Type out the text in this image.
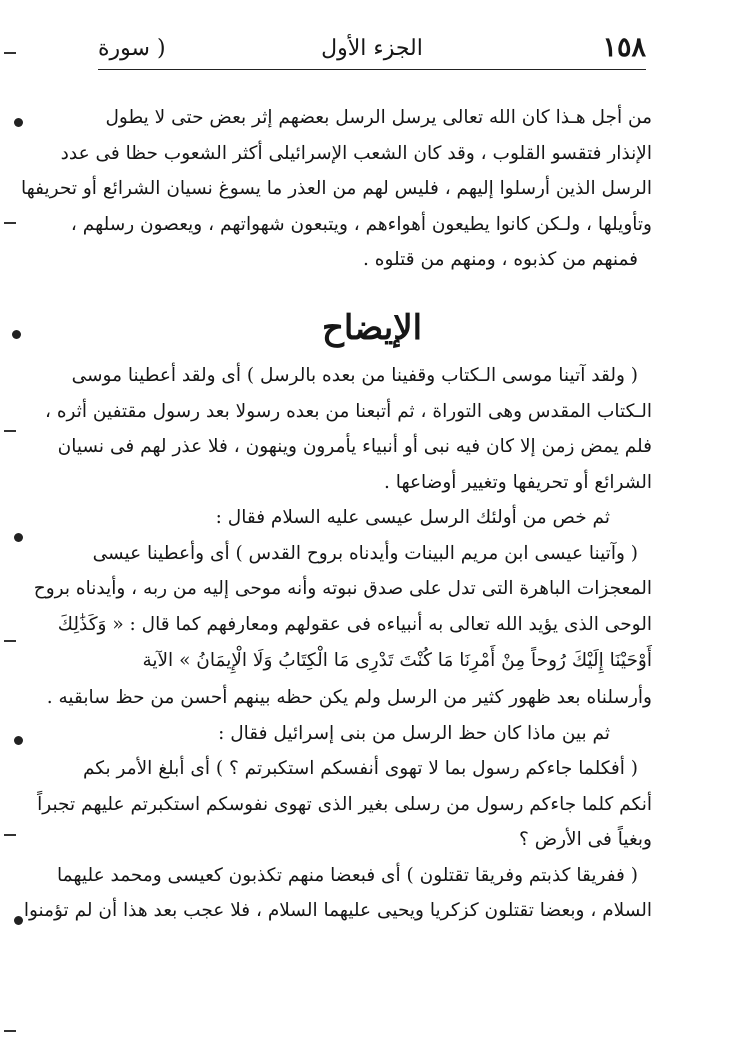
١٥٨
الجزء الأول
( سورة
من أجل هـذا كان الله تعالى يرسل الرسل بعضهم إثر بعض حتى لا يطول
الإنذار فتقسو القلوب ، وقد كان الشعب الإسرائيلى أكثر الشعوب حظا فى عدد
الرسل الذين أرسلوا إليهم ، فليس لهم من العذر ما يسوغ نسيان الشرائع أو تحريفها
وتأويلها ، ولـكن كانوا يطيعون أهواءهم ، ويتبعون شهواتهم ، ويعصون رسلهم ،
فمنهم من كذبوه ، ومنهم من قتلوه .
الإيضاح
( ولقد آتينا موسى الـكتاب وقفينا من بعده بالرسل ) أى ولقد أعطينا موسى
الـكتاب المقدس وهى التوراة ، ثم أتبعنا من بعده رسولا بعد رسول مقتفين أثره ،
فلم يمض زمن إلا كان فيه نبى أو أنبياء يأمرون وينهون ، فلا عذر لهم فى نسيان
الشرائع أو تحريفها وتغيير أوضاعها .
ثم خص من أولئك الرسل عيسى عليه السلام فقال :
( وآتينا عيسى ابن مريم البينات وأيدناه بروح القدس ) أى وأعطينا عيسى
المعجزات الباهرة التى تدل على صدق نبوته وأنه موحى إليه من ربه ، وأيدناه بروح
الوحى الذى يؤيد الله تعالى به أنبياءه فى عقولهم ومعارفهم كما قال : « وَكَذَٰلِكَ
أَوْحَيْنَا إِلَيْكَ رُوحاً مِنْ أَمْرِنَا مَا كُنْتَ تَدْرِى مَا الْكِتَابُ وَلَا الْإِيمَانُ » الآية
وأرسلناه بعد ظهور كثير من الرسل ولم يكن حظه بينهم أحسن من حظ سابقيه .
ثم بين ماذا كان حظ الرسل من بنى إسرائيل فقال :
( أفكلما جاءكم رسول بما لا تهوى أنفسكم استكبرتم ؟ ) أى أبلغ الأمر بكم
أنكم كلما جاءكم رسول من رسلى بغير الذى تهوى نفوسكم استكبرتم عليهم تجبراً
وبغياً فى الأرض ؟
( ففريقا كذبتم وفريقا تقتلون ) أى فبعضا منهم تكذبون كعيسى ومحمد عليهما
السلام ، وبعضا تقتلون كزكريا ويحيى عليهما السلام ، فلا عجب بعد هذا أن لم تؤمنوا
